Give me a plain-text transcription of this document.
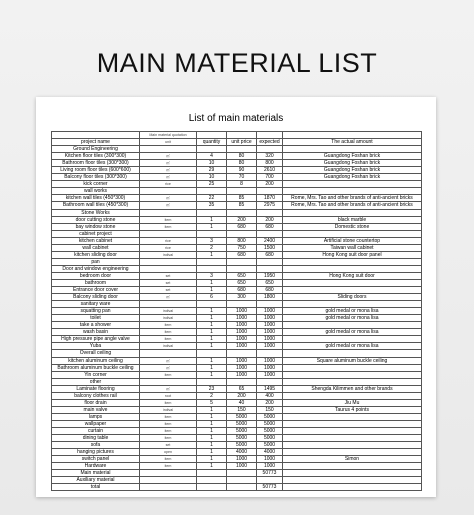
MAIN MATERIAL LIST
List of main materials
	Main material quotation				
project name	unit	quantity	unit price	expected	The actual amount
Ground Engineering					
Kitchen floor tiles (300*300)	㎡	4	80	320	Guangdong Foshan brick
Bathroom floor tiles (300*300)	㎡	10	80	800	Guangdong Foshan brick
Living room floor tiles (600*600)	㎡	29	90	2610	Guangdong Foshan brick
Balcony floor tiles (300*300)	㎡	10	70	700	Guangdong Foshan brick
kick corner	rice	25	8	200	
wall works					
kitchen wall tiles (450*300)	㎡	22	85	1870	Rome, Mrs. Tao and other brands of anti-ancient bricks
Bathroom wall tiles (450*300)	㎡	35	85	2975	Rome, Mrs. Tao and other brands of anti-ancient bricks
Stone Works					
door cutting stone	item	1	200	200	black marble
bay window stone	item	1	680	680	Domestic stone
cabinet project					
kitchen cabinet	rice	3	800	2400	Artificial stone countertop
wall cabinet	rice	2	750	1500	Taiwan wall cabinet
kitchen sliding door	indival	1	680	680	Hong Kong suit door panel
pan					
Door and window engineering					
bedroom door	set	3	650	1950	Hong Kong suit door
bathroom	set	1	650	650	
Entrance door cover	set	1	680	680	
Balcony sliding door	㎡	6	300	1800	Sliding doors
sanitary ware					
squatting pan	indival	1	1000	1000	gold medal or mona lisa
toilet	indival	1	1000	1000	gold medal or mona lisa
take a shower	item	1	1000	1000	
wash basin	item	1	1000	1000	gold medal or mona lisa
High pressure pipe angle valve	item	1	1000	1000	
Yuba	indival	1	1000	1000	gold medal or mona lisa
Overall ceiling					
kitchen aluminum ceiling	㎡	1	1000	1000	Square aluminum buckle ceiling
Bathroom aluminum buckle ceiling	㎡	1	1000	1000	
Yin corner	item	1	1000	1000	
other					
Laminate flooring	㎡	23	65	1495	Shengda Kilimmen and other brands
balcony clothes rail	root	2	200	400	
floor drain	item	5	40	200	Jiu Mu
main valve	indival	1	150	150	Taurus 4 points
lamps	item	1	5000	5000	
wallpaper	item	1	5000	5000	
curtain	item	1	5000	5000	
dining table	item	1	5000	5000	
sofa	set	1	5000	5000	
hanging pictures	open	1	4000	4000	
switch panel	item	1	1000	1000	Simon
Hardware	item	1	1000	1000	
Main material				50773	
Auxiliary material					
total				50773	
